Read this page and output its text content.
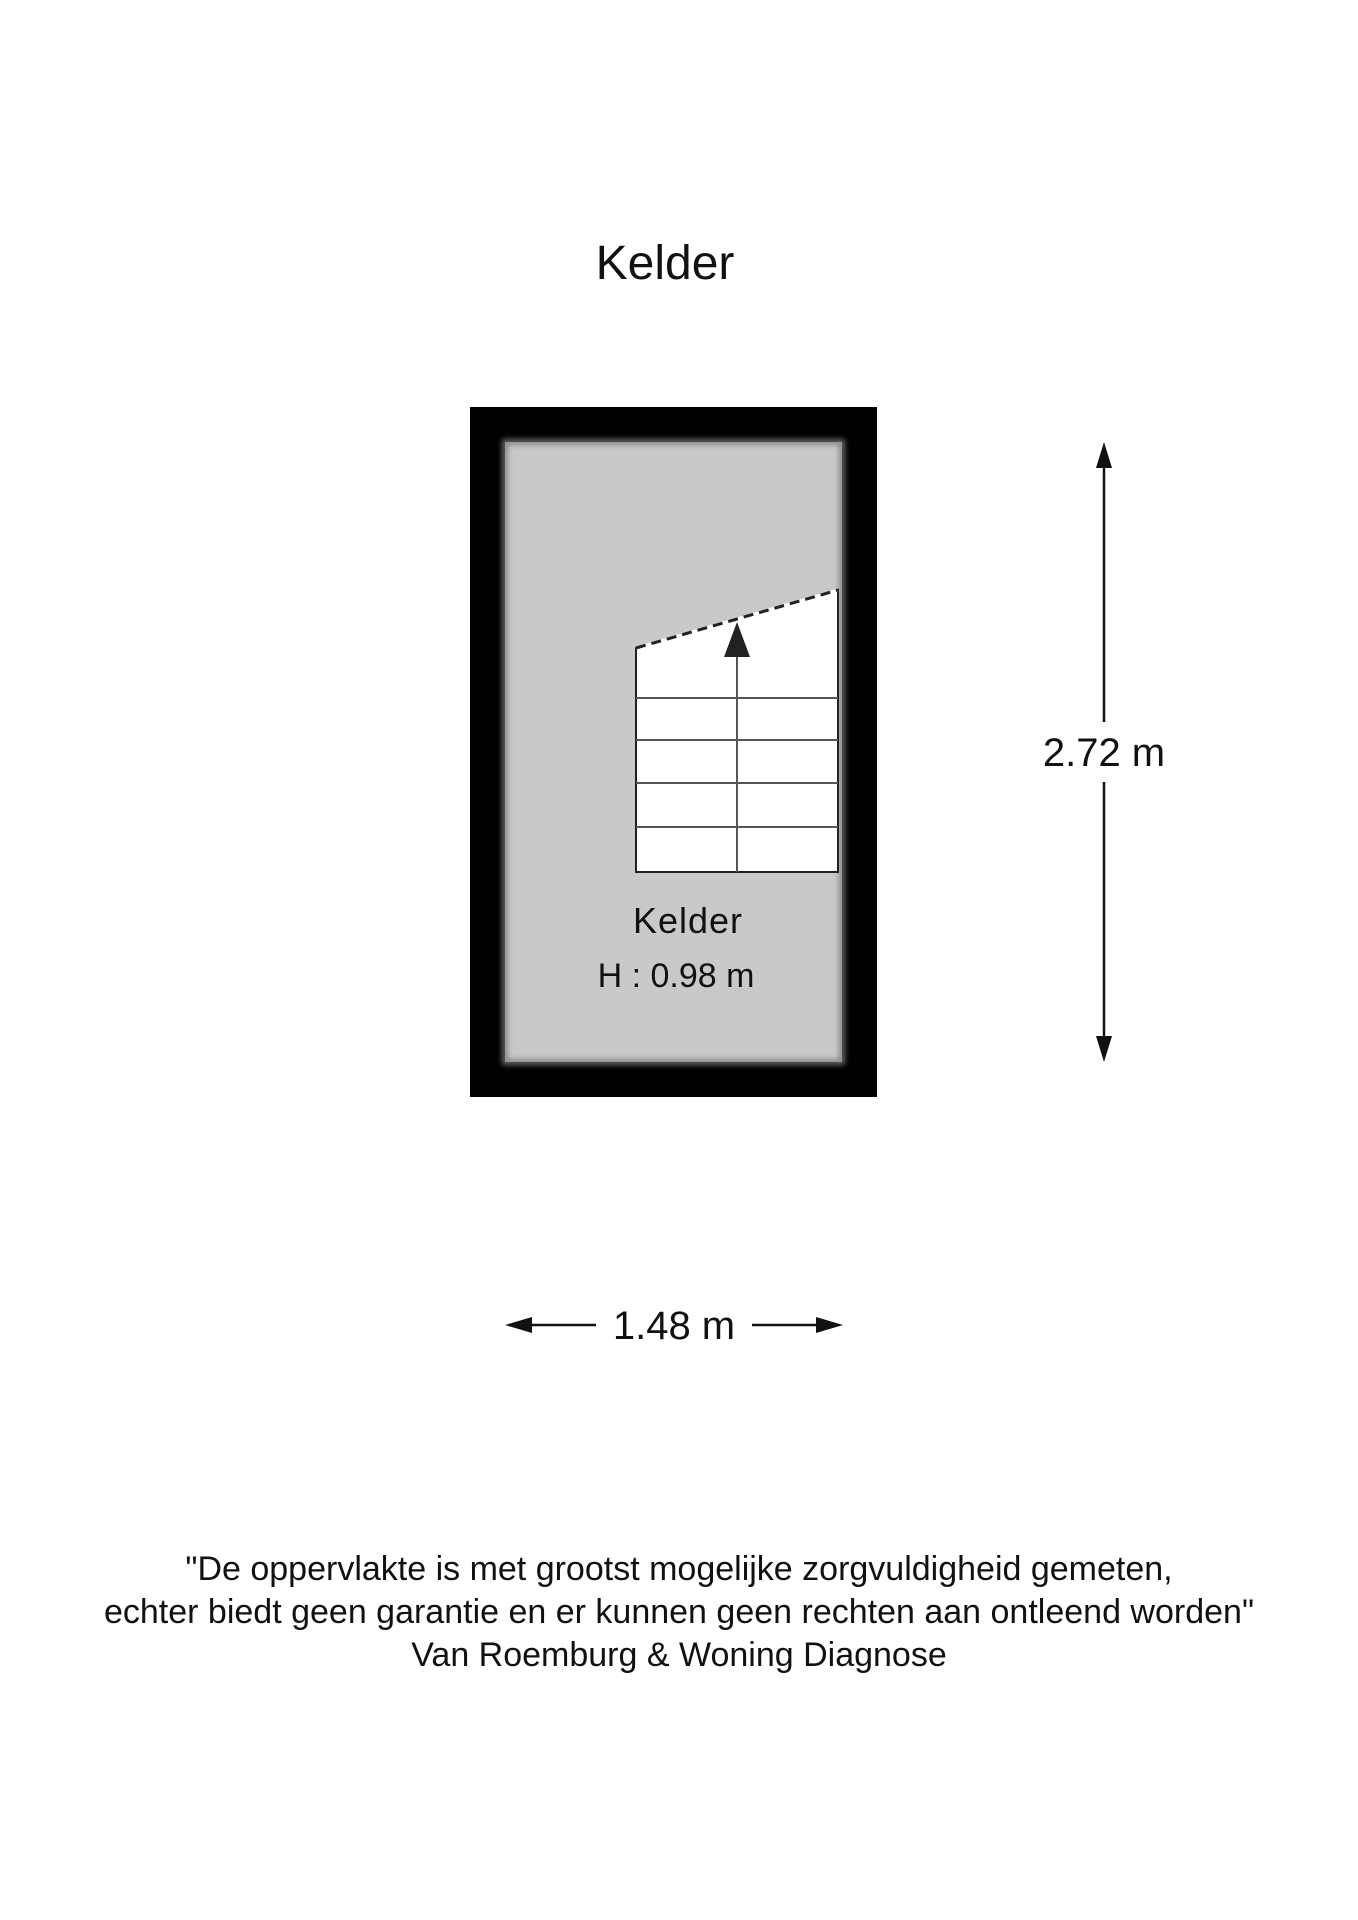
Kelder
Kelder
H : 0.98 m
2.72 m
1.48 m
"De oppervlakte is met grootst mogelijke zorgvuldigheid gemeten,
echter biedt geen garantie en er kunnen geen rechten aan ontleend worden"
Van Roemburg & Woning Diagnose
